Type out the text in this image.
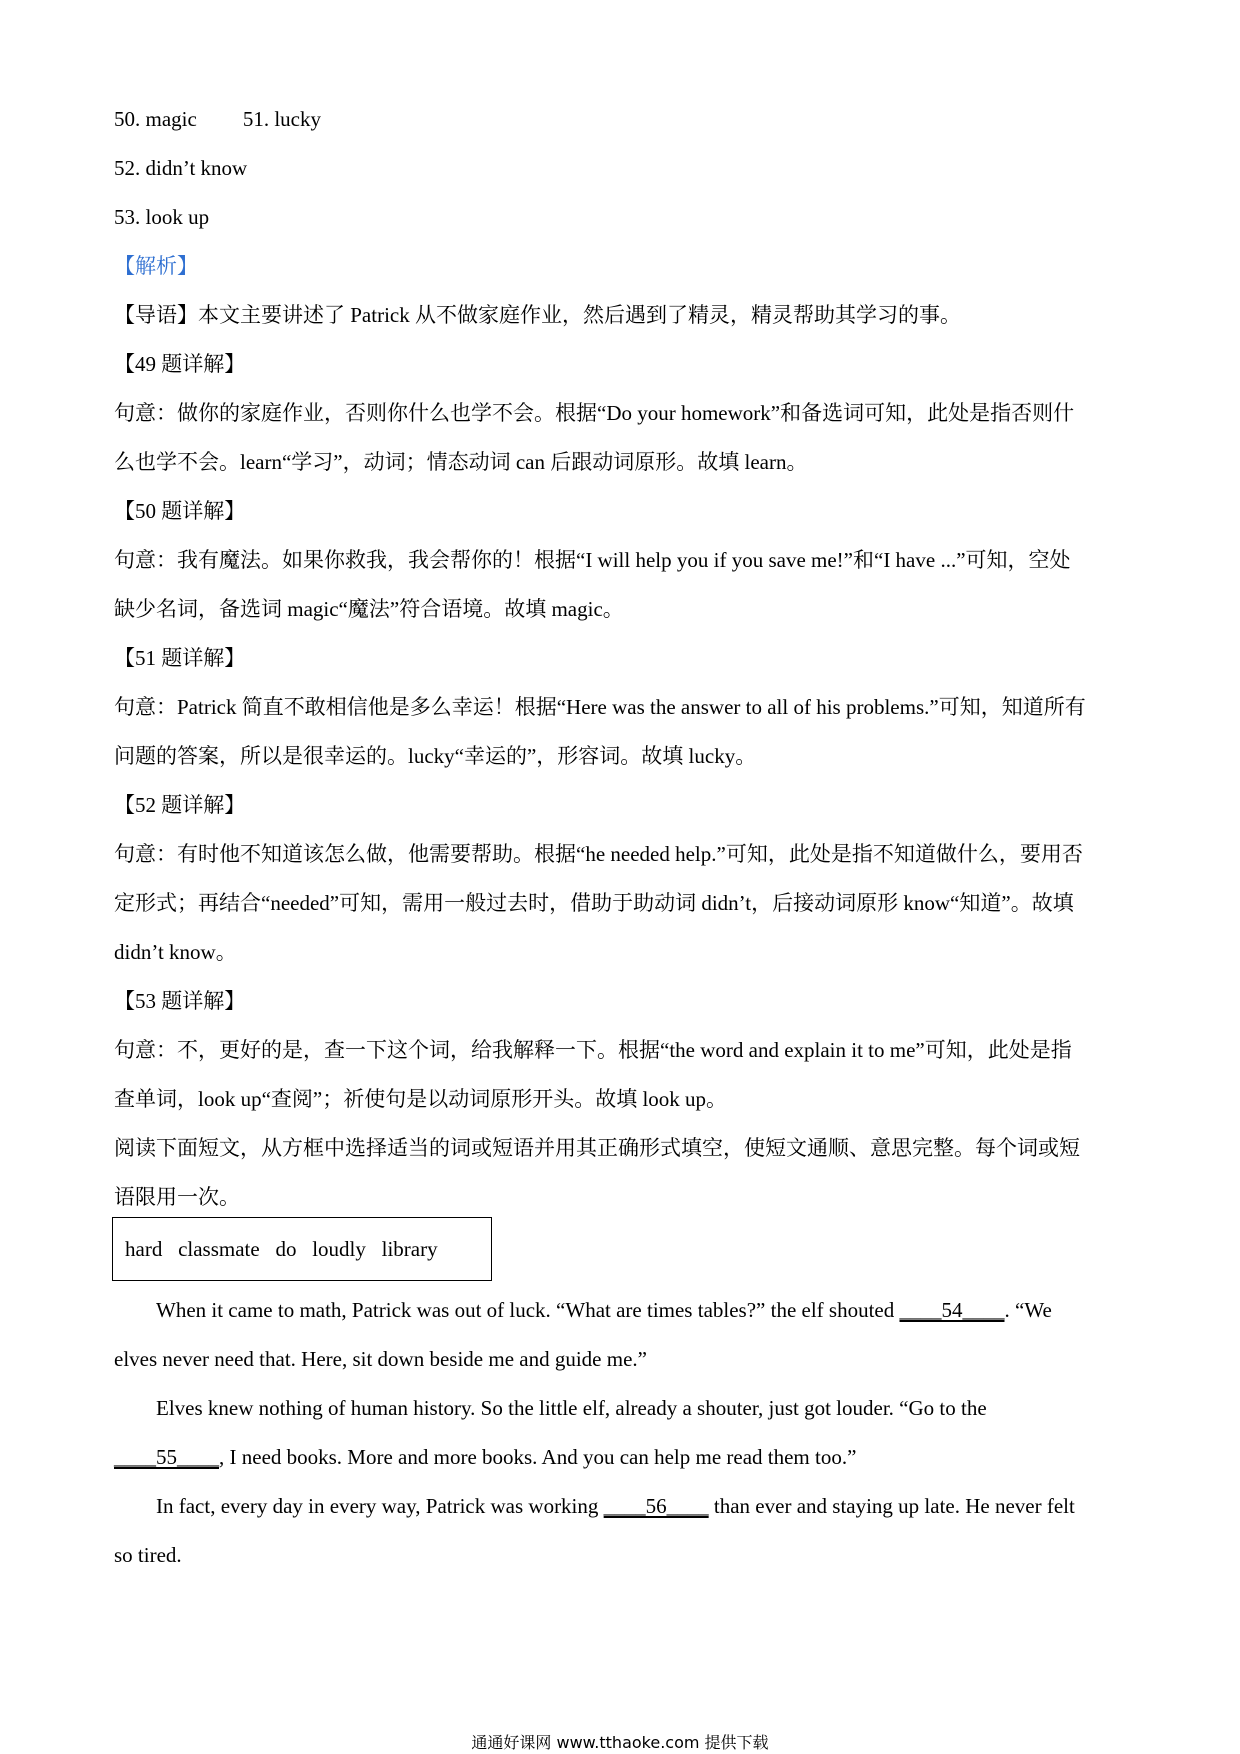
50. magic 51. lucky
52. didn’t know
53. look up
【解析】
【导语】本文主要讲述了 Patrick 从不做家庭作业，然后遇到了精灵，精灵帮助其学习的事。
【49 题详解】
句意：做你的家庭作业，否则你什么也学不会。根据“Do your homework”和备选词可知，此处是指否则什
么也学不会。learn“学习”，动词；情态动词 can 后跟动词原形。故填 learn。
【50 题详解】
句意：我有魔法。如果你救我，我会帮你的！根据“I will help you if you save me!”和“I have ...”可知，空处
缺少名词，备选词 magic“魔法”符合语境。故填 magic。
【51 题详解】
句意：Patrick 简直不敢相信他是多么幸运！根据“Here was the answer to all of his problems.”可知，知道所有
问题的答案，所以是很幸运的。lucky“幸运的”，形容词。故填 lucky。
【52 题详解】
句意：有时他不知道该怎么做，他需要帮助。根据“he needed help.”可知，此处是指不知道做什么，要用否
定形式；再结合“needed”可知，需用一般过去时，借助于助动词 didn’t，后接动词原形 know“知道”。故填
didn’t know。
【53 题详解】
句意：不，更好的是，查一下这个词，给我解释一下。根据“the word and explain it to me”可知，此处是指
查单词，look up“查阅”；祈使句是以动词原形开头。故填 look up。
阅读下面短文，从方框中选择适当的词或短语并用其正确形式填空，使短文通顺、意思完整。每个词或短
语限用一次。
hard   classmate   do   loudly   library
When it came to math, Patrick was out of luck. “What are times tables?” the elf shouted ____54____. “We
elves never need that. Here, sit down beside me and guide me.”
Elves knew nothing of human history. So the little elf, already a shouter, just got louder. “Go to the
____55____, I need books. More and more books. And you can help me read them too.”
In fact, every day in every way, Patrick was working ____56____ than ever and staying up late. He never felt
so tired.
通通好课网 www.tthaoke.com 提供下载
